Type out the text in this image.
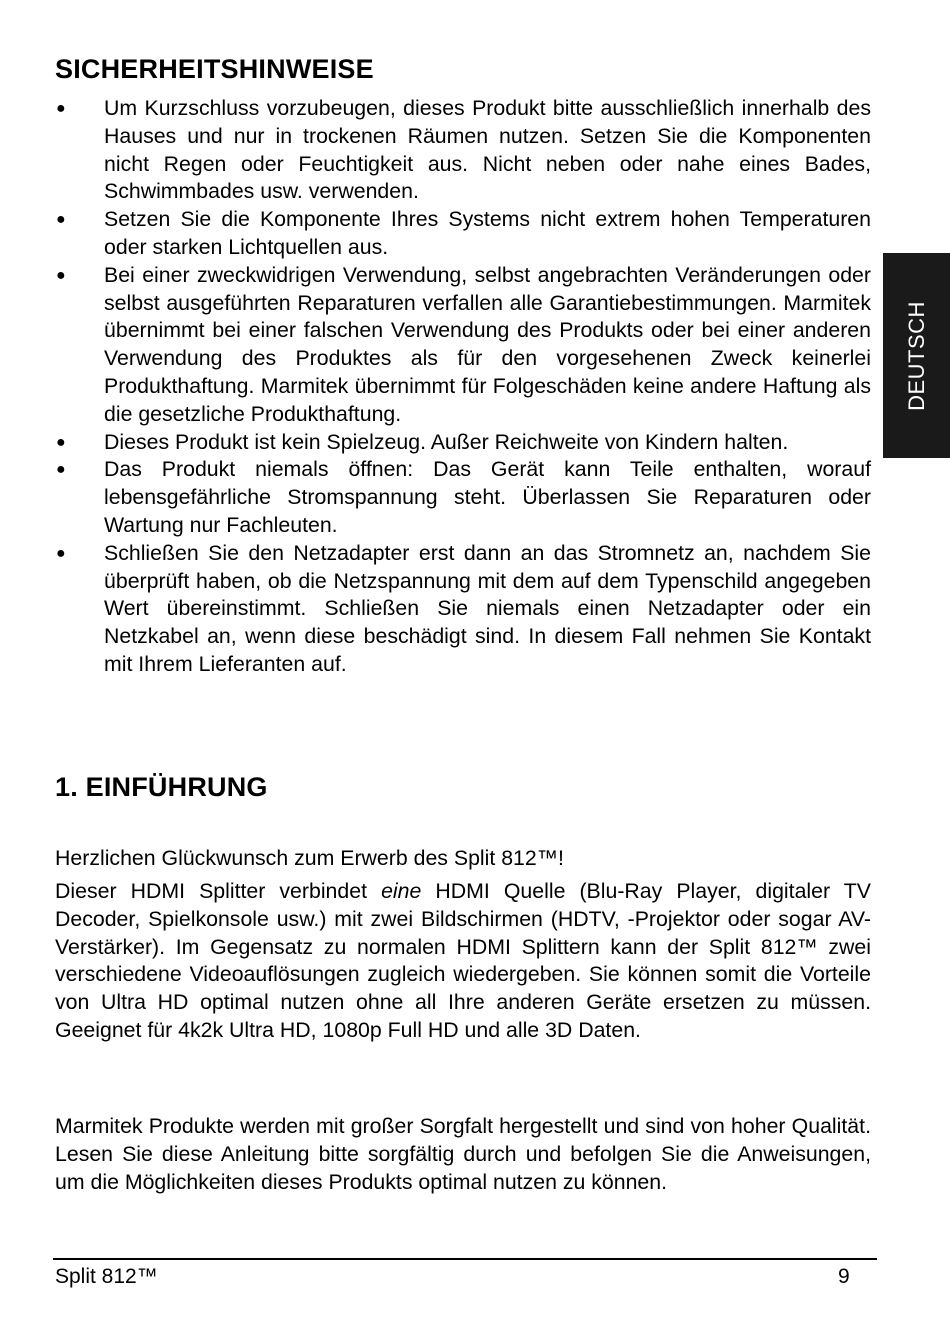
SICHERHEITSHINWEISE
● Um Kurzschluss vorzubeugen, dieses Produkt bitte ausschließlich innerhalb des Hauses und nur in trockenen Räumen nutzen. Setzen Sie die Komponenten nicht Regen oder Feuchtigkeit aus. Nicht neben oder nahe eines Bades, Schwimmbades usw. verwenden.
● Setzen Sie die Komponente Ihres Systems nicht extrem hohen Temperaturen oder starken Lichtquellen aus.
● Bei einer zweckwidrigen Verwendung, selbst angebrachten Veränderungen oder selbst ausgeführten Reparaturen verfallen alle Garantiebestimmungen. Marmitek übernimmt bei einer falschen Verwendung des Produkts oder bei einer anderen Verwendung des Produktes als für den vorgesehenen Zweck keinerlei Produkthaftung. Marmitek übernimmt für Folgeschäden keine andere Haftung als die gesetzliche Produkthaftung.
● Dieses Produkt ist kein Spielzeug. Außer Reichweite von Kindern halten.
● Das Produkt niemals öffnen: Das Gerät kann Teile enthalten, worauf lebensgefährliche Stromspannung steht. Überlassen Sie Reparaturen oder Wartung nur Fachleuten.
● Schließen Sie den Netzadapter erst dann an das Stromnetz an, nachdem Sie überprüft haben, ob die Netzspannung mit dem auf dem Typenschild angegeben Wert übereinstimmt. Schließen Sie niemals einen Netzadapter oder ein Netzkabel an, wenn diese beschädigt sind. In diesem Fall nehmen Sie Kontakt mit Ihrem Lieferanten auf.
1. EINFÜHRUNG

Herzlichen Glückwunsch zum Erwerb des Split 812™!

Dieser HDMI Splitter verbindet eine HDMI Quelle (Blu-Ray Player, digitaler TV Decoder, Spielkonsole usw.) mit zwei Bildschirmen (HDTV, -Projektor oder sogar AV-Verstärker). Im Gegensatz zu normalen HDMI Splittern kann der Split 812™ zwei verschiedene Videoauflösungen zugleich wiedergeben. Sie können somit die Vorteile von Ultra HD optimal nutzen ohne all Ihre anderen Geräte ersetzen zu müssen. Geeignet für 4k2k Ultra HD, 1080p Full HD und alle 3D Daten.

Marmitek Produkte werden mit großer Sorgfalt hergestellt und sind von hoher Qualität. Lesen Sie diese Anleitung bitte sorgfältig durch und befolgen Sie die Anweisungen, um die Möglichkeiten dieses Produkts optimal nutzen zu können.

DEUTSCH
Split 812™	9
